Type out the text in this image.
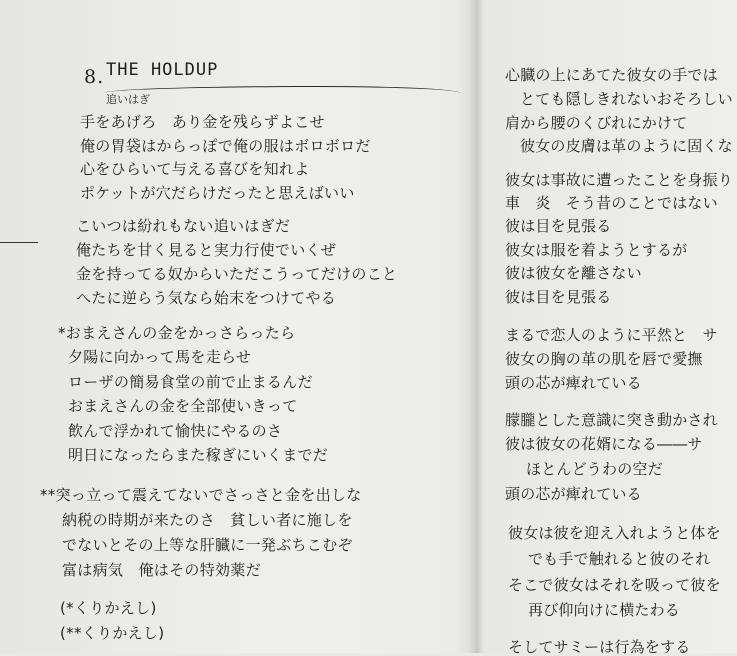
8. THE HOLDUP
追いはぎ
手をあげろ　あり金を残らずよこせ
俺の胃袋はからっぽで俺の服はボロボロだ
心をひらいて与える喜びを知れよ
ポケットが穴だらけだったと思えばいい
こいつは紛れもない追いはぎだ
俺たちを甘く見ると実力行使でいくぜ
金を持ってる奴からいただこうってだけのこと
へたに逆らう気なら始末をつけてやる
*おまえさんの金をかっさらったら
夕陽に向かって馬を走らせ
ローザの簡易食堂の前で止まるんだ
おまえさんの金を全部使いきって
飲んで浮かれて愉快にやるのさ
明日になったらまた稼ぎにいくまでだ
**突っ立って震えてないでさっさと金を出しな
納税の時期が来たのさ　貧しい者に施しを
でないとその上等な肝臓に一発ぶちこむぞ
富は病気　俺はその特効薬だ
(*くりかえし)
(**くりかえし)
心臓の上にあてた彼女の手では
とても隠しきれないおそろしい
肩から腰のくびれにかけて
彼女の皮膚は革のように固くな
彼女は事故に遭ったことを身振り
車　炎　そう昔のことではない
彼は目を見張る
彼女は服を着ようとするが
彼は彼女を離さない
彼は目を見張る
まるで恋人のように平然と　サ
彼女の胸の革の肌を唇で愛撫
頭の芯が痺れている
朦朧とした意識に突き動かされ
彼は彼女の花婿になる――サ
ほとんどうわの空だ
頭の芯が痺れている
彼女は彼を迎え入れようと体を
でも手で触れると彼のそれ
そこで彼女はそれを吸って彼を
再び仰向けに横たわる
そしてサミーは行為をする
